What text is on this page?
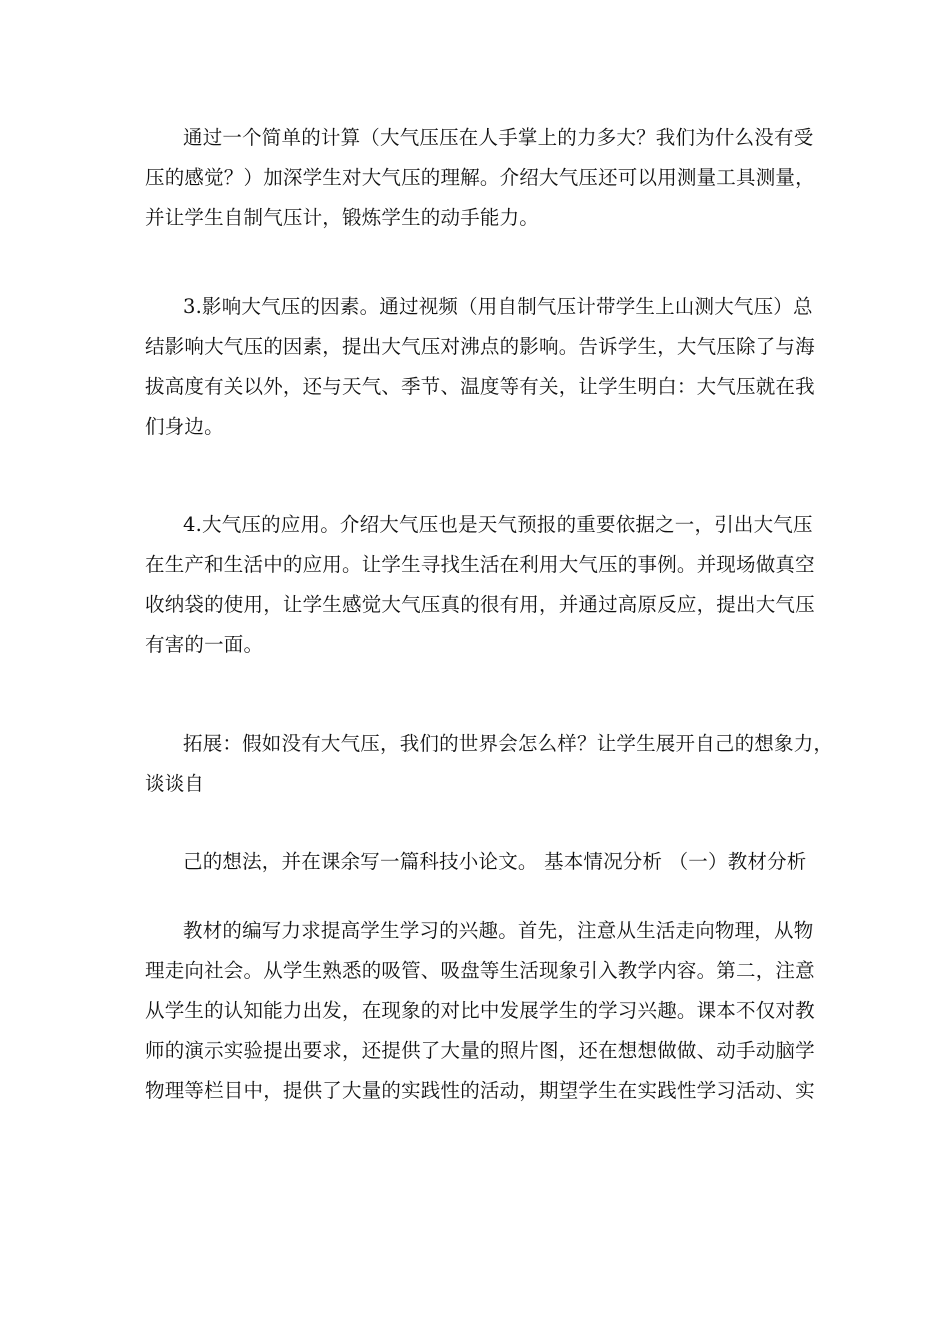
通过一个简单的计算（大气压压在人手掌上的力多大？我们为什么没有受
压的感觉？）加深学生对大气压的理解。介绍大气压还可以用测量工具测量，
并让学生自制气压计，锻炼学生的动手能力。
3.影响大气压的因素。通过视频（用自制气压计带学生上山测大气压）总
结影响大气压的因素，提出大气压对沸点的影响。告诉学生，大气压除了与海
拔高度有关以外，还与天气、季节、温度等有关，让学生明白：大气压就在我
们身边。
4.大气压的应用。介绍大气压也是天气预报的重要依据之一，引出大气压
在生产和生活中的应用。让学生寻找生活在利用大气压的事例。并现场做真空
收纳袋的使用，让学生感觉大气压真的很有用，并通过高原反应，提出大气压
有害的一面。
拓展：假如没有大气压，我们的世界会怎么样？让学生展开自己的想象力，
谈谈自
己的想法，并在课余写一篇科技小论文。 基本情况分析 （一）教材分析
教材的编写力求提高学生学习的兴趣。首先，注意从生活走向物理，从物
理走向社会。从学生熟悉的吸管、吸盘等生活现象引入教学内容。第二，注意
从学生的认知能力出发，在现象的对比中发展学生的学习兴趣。课本不仅对教
师的演示实验提出要求，还提供了大量的照片图，还在想想做做、动手动脑学
物理等栏目中，提供了大量的实践性的活动，期望学生在实践性学习活动、实
